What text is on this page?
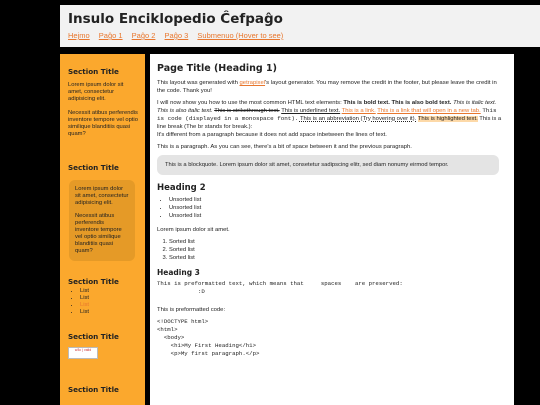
Insulo Enciklopedio Ĉefpaĝo
Hejmo Paĝo 1 Paĝo 2 Paĝo 3 Submenuo (Hover to see)
Section Title
Lorem ipsum dolor sit amet, consectetur adipisicing elit.
Necessit atibus perferendis inventore tempore vel optio similique blanditiis quasi quam?
Section Title
Lorem ipsum dolor sit amet, consectetur adipisicing elit.
Necessit atibus perferendis inventore tempore vel optio similique blanditiis quasi quam?
Section Title
• List
• List
• List
• List
Section Title
w3c | valid
Section Title
Page Title (Heading 1)

This layout was generated with getrapixel's layout generator. You may remove the credit in the footer, but please leave the credit in the code. Thank you!

I will now show you how to use the most common HTML text elements: This is bold text. This is also bold text. This is italic text. This is also italic text. This is strikethrough text. This is underlined text. This is a link. This is a link that will open in a new tab. This is code (displayed in a monospace font). This is an abbreviation (Try hovering over it). This is highlighted text. This is a line break (The br stands for break.):
It's different from a paragraph because it does not add space inbetween the lines of text.

This is a paragraph. As you can see, there's a bit of space between it and the previous paragraph.

This is a blockquote. Lorem ipsum dolor sit amet, consetetur sadipscing elitr, sed diam nonumy eirmod tempor.
Heading 2
• Unsorted list
• Unsorted list
• Unsorted list

Lorem ipsum dolor sit amet.

1. Sorted list
2. Sorted list
3. Sorted list
Heading 3
This is preformatted text, which means that     spaces    are preserved:
:D

This is preformatted code:

<!DOCTYPE html>
<html>
<body>
<h1>My First Heading</h1>
<p>My first paragraph.</p>
